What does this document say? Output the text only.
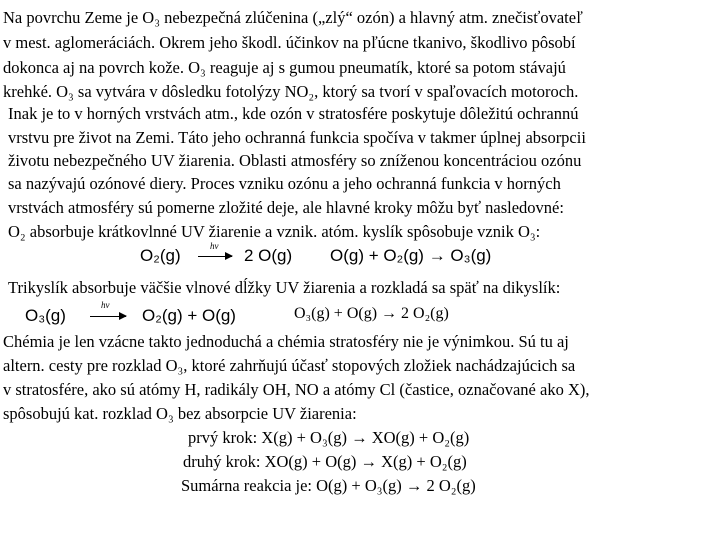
Na povrchu Zeme je O₃ nebezpečná zlúčenina („zlý“ ozón) a hlavný atm. znečisťovateľ
v mest. aglomeráciách. Okrem jeho škodl. účinkov na pľúcne tkanivo, škodlivo pôsobí
dokonca aj na povrch kože. O₃ reaguje aj s gumou pneumatík, ktoré sa potom stávajú
krehké. O₃ sa vytvára v dôsledku fotolýzy NO₂, ktorý sa tvorí v spaľovacích motoroch.
Inak je to v horných vrstvách atm., kde ozón v stratosfére poskytuje dôležitú ochrannú
vrstvu pre život na Zemi. Táto jeho ochranná funkcia spočíva v takmer úplnej absorpcii
životu nebezpečného UV žiarenia. Oblasti atmosféry so zníženou koncentráciou ozónu
sa nazývajú ozónové diery. Proces vzniku ozónu a jeho ochranná funkcia v horných
vrstvách atmosféry sú pomerne zložité deje, ale hlavné kroky môžu byť nasledovné:
O₂ absorbuje krátkovlnné UV žiarenie a vznik. atóm. kyslík spôsobuje vznik O₃:
O₂(g)	hν → 2 O(g) O(g) + O₂(g) → O₃(g)
Trikyslík absorbuje väčšie vlnové dĺžky UV žiarenia a rozkladá sa späť na dikyslík:
O₃(g)
hν
→ O₂(g) + O(g)	O₃(g) + O(g) → 2 O₂(g)
Chémia je len vzácne takto jednoduchá a chémia stratosféry nie je výnimkou. Sú tu aj
altern. cesty pre rozklad O₃, ktoré zahrňujú účasť stopových zložiek nachádzajúcich sa
v stratosfére, ako sú atómy H, radikály OH, NO a atómy Cl (častice, označované ako X),
spôsobujú kat. rozklad O₃ bez absorpcie UV žiarenia:
prvý krok: X(g) + O₃(g) → XO(g) + O₂(g)
druhý krok: XO(g) + O(g) → X(g) + O₂(g)
Sumárna reakcia je: O(g) + O₃(g) → 2 O₂(g)
